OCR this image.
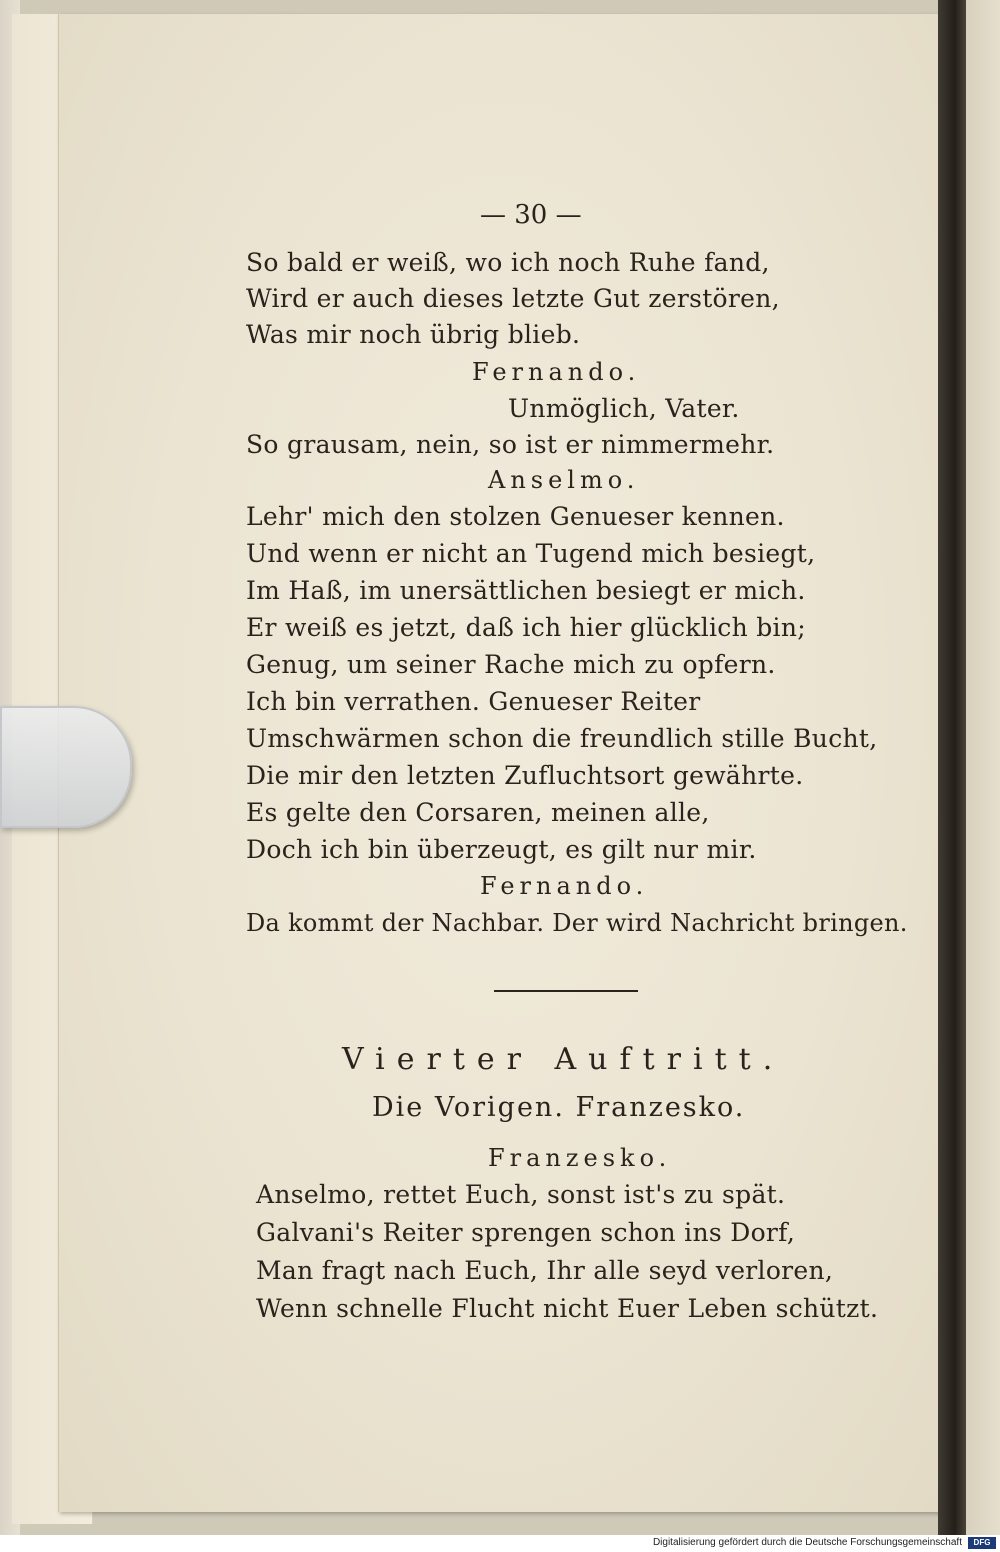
— 30 —
So bald er weiß, wo ich noch Ruhe fand,
Wird er auch dieses letzte Gut zerstören,
Was mir noch übrig blieb.
Fernando.
Unmöglich, Vater.
So grausam, nein, so ist er nimmermehr.
Anselmo.
Lehr' mich den stolzen Genueser kennen.
Und wenn er nicht an Tugend mich besiegt,
Im Haß, im unersättlichen besiegt er mich.
Er weiß es jetzt, daß ich hier glücklich bin;
Genug, um seiner Rache mich zu opfern.
Ich bin verrathen. Genueser Reiter
Umschwärmen schon die freundlich stille Bucht,
Die mir den letzten Zufluchtsort gewährte.
Es gelte den Corsaren, meinen alle,
Doch ich bin überzeugt, es gilt nur mir.
Fernando.
Da kommt der Nachbar. Der wird Nachricht bringen.
Vierter Auftritt.
Die Vorigen. Franzesko.
Franzesko.
Anselmo, rettet Euch, sonst ist's zu spät.
Galvani's Reiter sprengen schon ins Dorf,
Man fragt nach Euch, Ihr alle seyd verloren,
Wenn schnelle Flucht nicht Euer Leben schützt.
Digitalisierung gefördert durch die Deutsche Forschungsgemeinschaft	DFG
